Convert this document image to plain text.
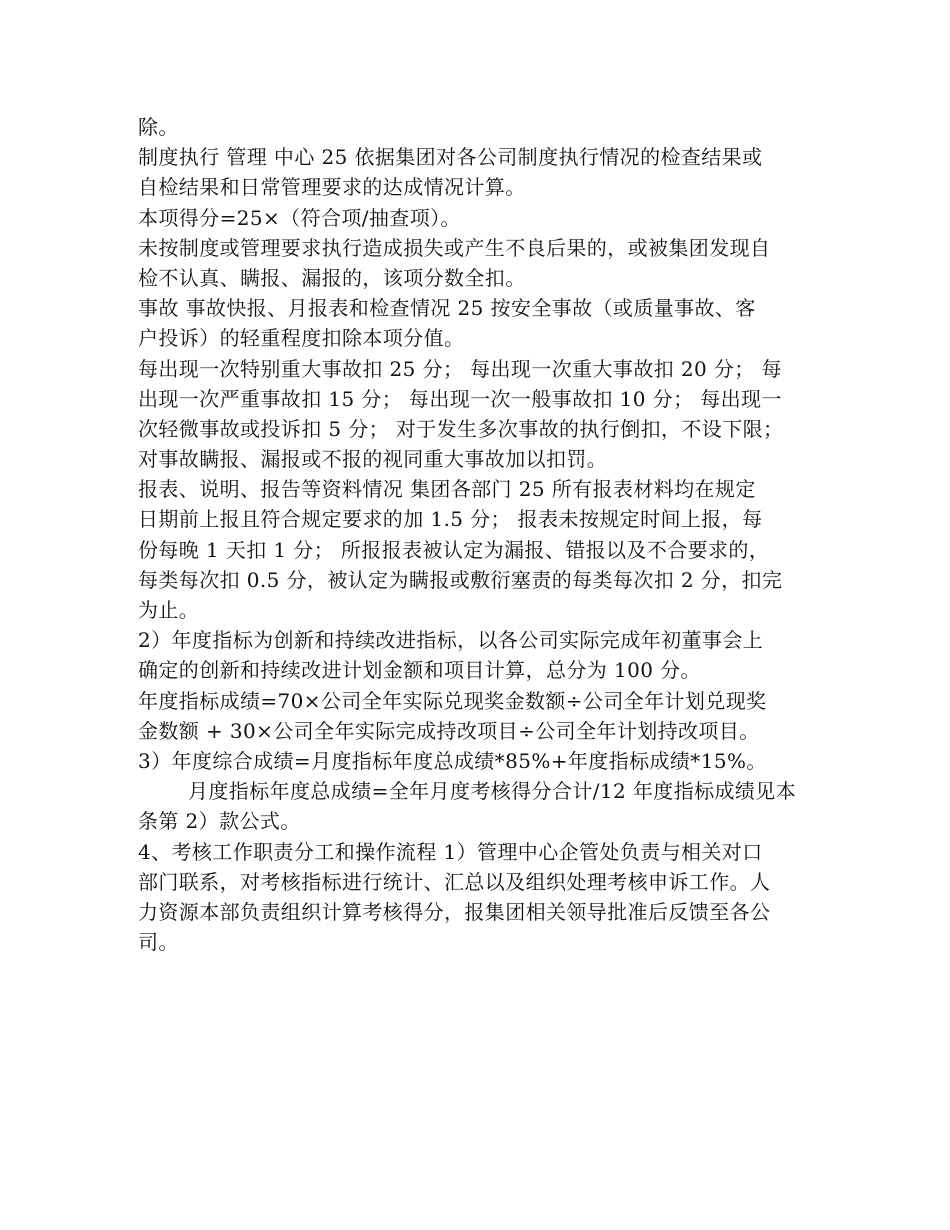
除。
制度执行 管理 中心 25 依据集团对各公司制度执行情况的检查结果或
自检结果和日常管理要求的达成情况计算。
本项得分=25×（符合项/抽查项）。
未按制度或管理要求执行造成损失或产生不良后果的，或被集团发现自
检不认真、瞒报、漏报的，该项分数全扣。
事故 事故快报、月报表和检查情况 25 按安全事故（或质量事故、客
户投诉）的轻重程度扣除本项分值。
每出现一次特别重大事故扣 25 分； 每出现一次重大事故扣 20 分； 每
出现一次严重事故扣 15 分； 每出现一次一般事故扣 10 分； 每出现一
次轻微事故或投诉扣 5 分； 对于发生多次事故的执行倒扣，不设下限；
对事故瞒报、漏报或不报的视同重大事故加以扣罚。
报表、说明、报告等资料情况 集团各部门 25 所有报表材料均在规定
日期前上报且符合规定要求的加 1.5 分； 报表未按规定时间上报，每
份每晚 1 天扣 1 分； 所报报表被认定为漏报、错报以及不合要求的，
每类每次扣 0.5 分，被认定为瞒报或敷衍塞责的每类每次扣 2 分，扣完
为止。
2）年度指标为创新和持续改进指标，以各公司实际完成年初董事会上
确定的创新和持续改进计划金额和项目计算，总分为 100 分。
年度指标成绩=70×公司全年实际兑现奖金数额÷公司全年计划兑现奖
金数额 + 30×公司全年实际完成持改项目÷公司全年计划持改项目。
3）年度综合成绩=月度指标年度总成绩*85%+年度指标成绩*15%。
月度指标年度总成绩=全年月度考核得分合计/12 年度指标成绩见本
条第 2）款公式。
4、考核工作职责分工和操作流程 1）管理中心企管处负责与相关对口
部门联系，对考核指标进行统计、汇总以及组织处理考核申诉工作。人
力资源本部负责组织计算考核得分，报集团相关领导批准后反馈至各公
司。
